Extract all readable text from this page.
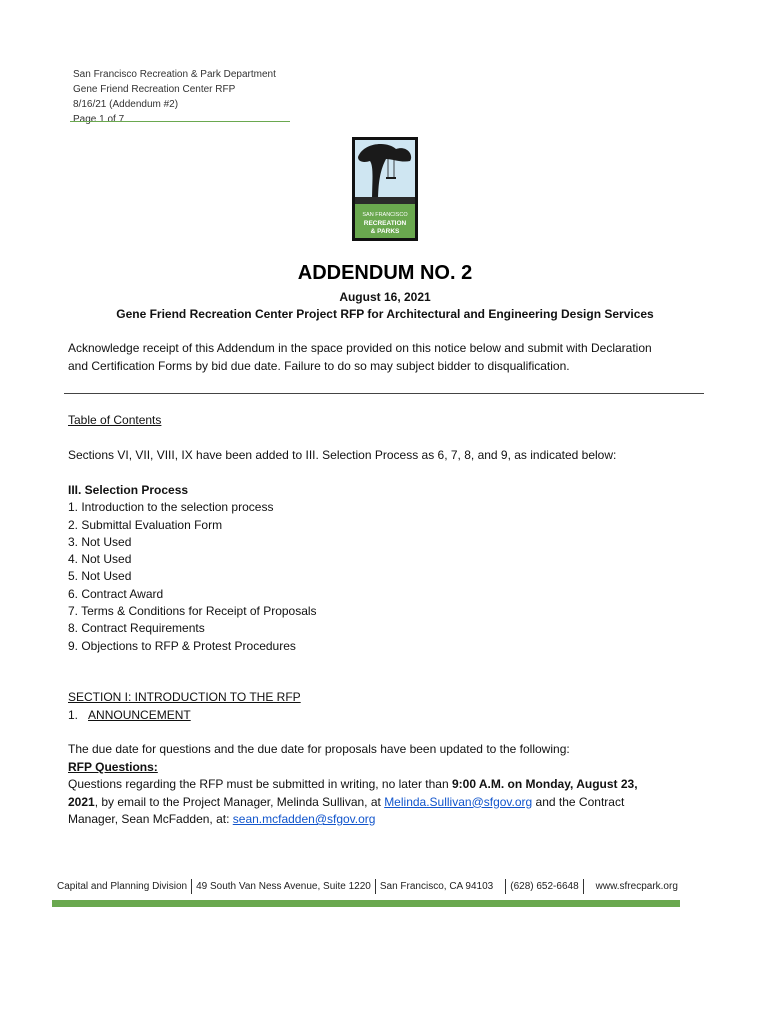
San Francisco Recreation & Park Department
Gene Friend Recreation Center RFP
8/16/21 (Addendum #2)
Page 1 of 7
SAN FRANCISCO
RECREATION
& PARKS
ADDENDUM NO. 2
August 16, 2021
Gene Friend Recreation Center Project RFP for Architectural and Engineering Design Services
Acknowledge receipt of this Addendum in the space provided on this notice below and submit with Declaration
and Certification Forms by bid due date. Failure to do so may subject bidder to disqualification.
Table of Contents
Sections VI, VII, VIII, IX have been added to III. Selection Process as 6, 7, 8, and 9, as indicated below:
III. Selection Process
1. Introduction to the selection process
2. Submittal Evaluation Form
3. Not Used
4. Not Used
5. Not Used
6. Contract Award
7. Terms & Conditions for Receipt of Proposals
8. Contract Requirements
9. Objections to RFP & Protest Procedures
SECTION I: INTRODUCTION TO THE RFP
1. ANNOUNCEMENT
The due date for questions and the due date for proposals have been updated to the following:
RFP Questions:
Questions regarding the RFP must be submitted in writing, no later than 9:00 A.M. on Monday, August 23,
2021, by email to the Project Manager, Melinda Sullivan, at Melinda.Sullivan@sfgov.org and the Contract
Manager, Sean McFadden, at: sean.mcfadden@sfgov.org
Capital and Planning Division 49 South Van Ness Avenue, Suite 1220 San Francisco, CA 94103 (628) 652-6648 www.sfrecpark.org
